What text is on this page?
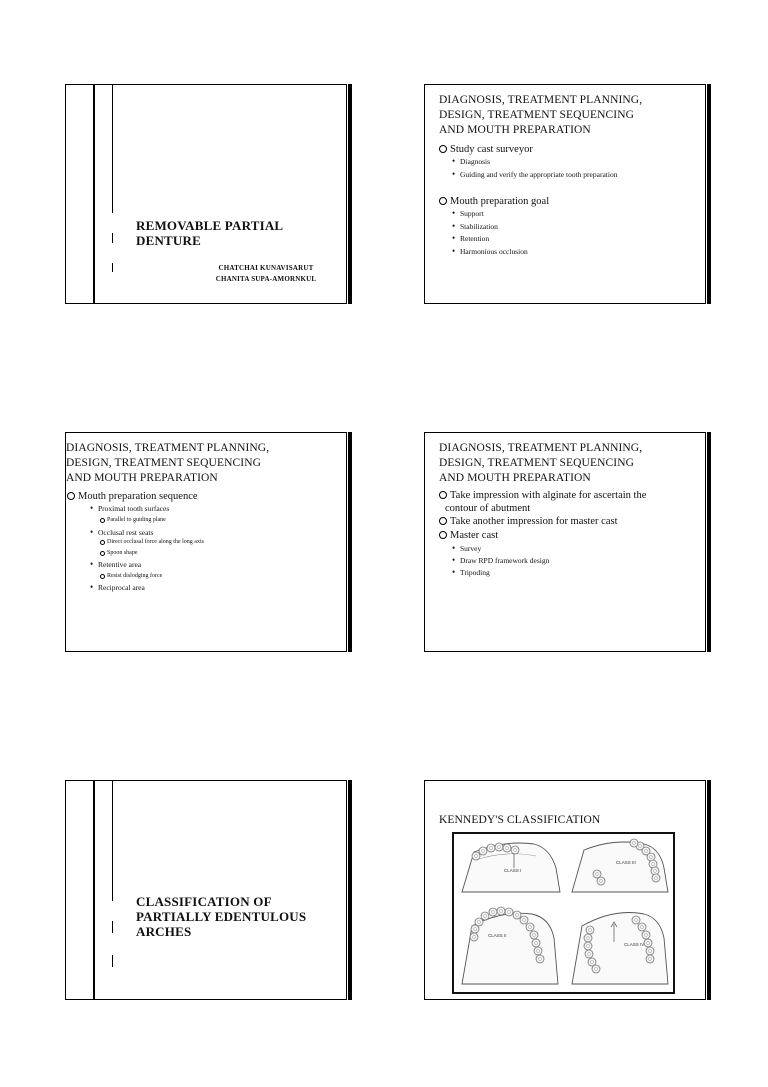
REMOVABLE PARTIAL
DENTURE
CHATCHAI KUNAVISARUT
CHANITA SUPA-AMORNKUL
DIAGNOSIS, TREATMENT PLANNING,
DESIGN, TREATMENT SEQUENCING
AND MOUTH PREPARATION
Study cast surveyor
• Diagnosis
• Guiding and verify the appropriate tooth preparation
Mouth preparation goal
• Support
• Stabilization
• Retention
• Harmonious occlusion
DIAGNOSIS, TREATMENT PLANNING,
DESIGN, TREATMENT SEQUENCING
AND MOUTH PREPARATION
Mouth preparation sequence
• Proximal tooth surfaces
Parallel to guiding plane
• Occlusal rest seats
Direct occlusal force along the long axis
Spoon shape
• Retentive area
Resist dislodging force
• Reciprocal area
DIAGNOSIS, TREATMENT PLANNING,
DESIGN, TREATMENT SEQUENCING
AND MOUTH PREPARATION
Take impression with alginate for ascertain the
contour of abutment
Take another impression for master cast
Master cast
• Survey
• Draw RPD framework design
• Tripoding
CLASSIFICATION OF
PARTIALLY EDENTULOUS
ARCHES
KENNEDY'S CLASSIFICATION
CLASS I
CLASS III
CLASS II
CLASS IV
